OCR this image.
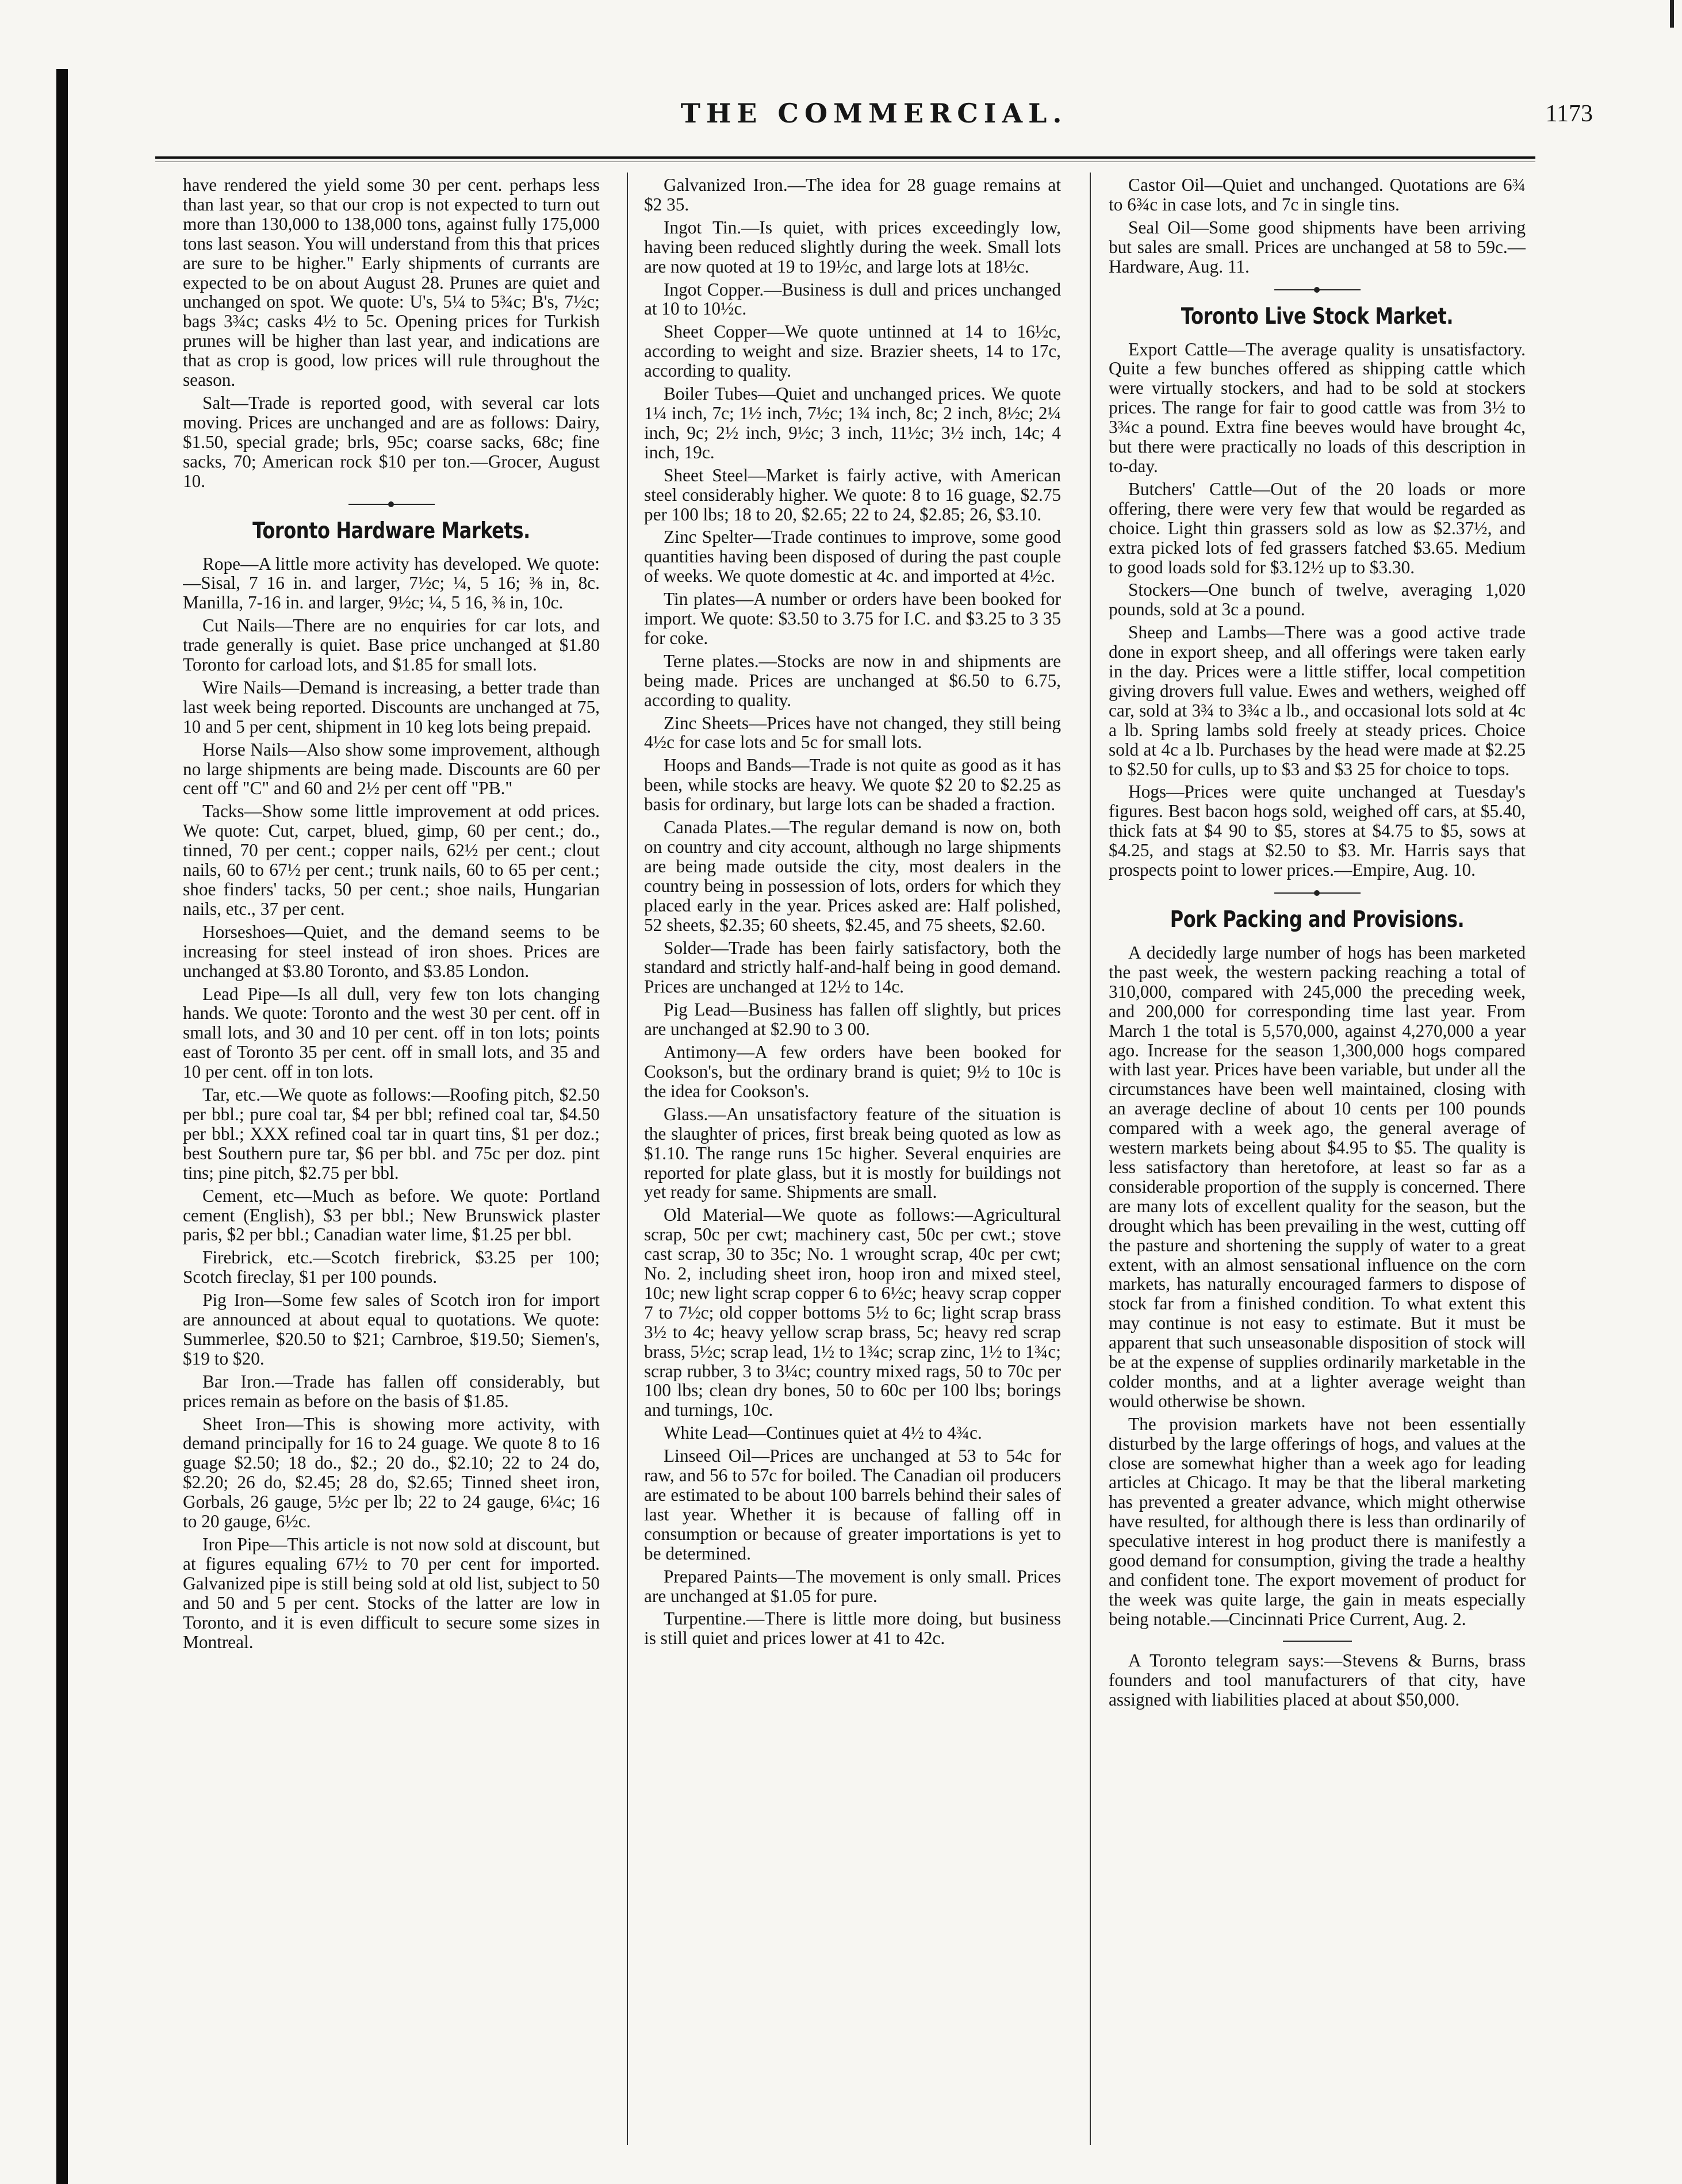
THE COMMERCIAL.	1173

have rendered the yield some 30 per cent. perhaps less than last year, so that our crop is not expected to turn out more than 130,000 to 138,000 tons, against fully 175,000 tons last season. You will understand from this that prices are sure to be higher." Early shipments of currants are expected to be on about August 28. Prunes are quiet and unchanged on spot. We quote: U's, 5¼ to 5¾c; B's, 7½c; bags 3¾c; casks 4½ to 5c. Opening prices for Turkish prunes will be higher than last year, and indications are that as crop is good, low prices will rule throughout the season.

Salt—Trade is reported good, with several car lots moving. Prices are unchanged and are as follows: Dairy, $1.50, special grade; brls, 95c; coarse sacks, 68c; fine sacks, 70; American rock $10 per ton.—Grocer, August 10.

Toronto Hardware Markets.

Rope—A little more activity has developed. We quote:—Sisal, 7 16 in. and larger, 7½c; ¼, 5 16; ⅜ in, 8c. Manilla, 7-16 in. and larger, 9½c; ¼, 5 16, ⅜ in, 10c.

Cut Nails—There are no enquiries for car lots, and trade generally is quiet. Base price unchanged at $1.80 Toronto for carload lots, and $1.85 for small lots.

Wire Nails—Demand is increasing, a better trade than last week being reported. Discounts are unchanged at 75, 10 and 5 per cent, shipment in 10 keg lots being prepaid.

Horse Nails—Also show some improvement, although no large shipments are being made. Discounts are 60 per cent off "C" and 60 and 2½ per cent off "PB."

Tacks—Show some little improvement at odd prices. We quote: Cut, carpet, blued, gimp, 60 per cent.; do., tinned, 70 per cent.; copper nails, 62½ per cent.; clout nails, 60 to 67½ per cent.; trunk nails, 60 to 65 per cent.; shoe finders' tacks, 50 per cent.; shoe nails, Hungarian nails, etc., 37 per cent.

Horseshoes—Quiet, and the demand seems to be increasing for steel instead of iron shoes. Prices are unchanged at $3.80 Toronto, and $3.85 London.

Lead Pipe—Is all dull, very few ton lots changing hands. We quote: Toronto and the west 30 per cent. off in small lots, and 30 and 10 per cent. off in ton lots; points east of Toronto 35 per cent. off in small lots, and 35 and 10 per cent. off in ton lots.

Tar, etc.—We quote as follows:—Roofing pitch, $2.50 per bbl.; pure coal tar, $4 per bbl; refined coal tar, $4.50 per bbl.; XXX refined coal tar in quart tins, $1 per doz.; best Southern pure tar, $6 per bbl. and 75c per doz. pint tins; pine pitch, $2.75 per bbl.

Cement, etc—Much as before. We quote: Portland cement (English), $3 per bbl.; New Brunswick plaster paris, $2 per bbl.; Canadian water lime, $1.25 per bbl.

Firebrick, etc.—Scotch firebrick, $3.25 per 100; Scotch fireclay, $1 per 100 pounds.

Pig Iron—Some few sales of Scotch iron for import are announced at about equal to quotations. We quote: Summerlee, $20.50 to $21; Carnbroe, $19.50; Siemen's, $19 to $20.

Bar Iron.—Trade has fallen off considerably, but prices remain as before on the basis of $1.85.

Sheet Iron—This is showing more activity, with demand principally for 16 to 24 guage. We quote 8 to 16 guage $2.50; 18 do., $2.; 20 do., $2.10; 22 to 24 do, $2.20; 26 do, $2.45; 28 do, $2.65; Tinned sheet iron, Gorbals, 26 gauge, 5½c per lb; 22 to 24 gauge, 6¼c; 16 to 20 gauge, 6½c.

Iron Pipe—This article is not now sold at discount, but at figures equaling 67½ to 70 per cent for imported. Galvanized pipe is still being sold at old list, subject to 50 and 50 and 5 per cent. Stocks of the latter are low in Toronto, and it is even difficult to secure some sizes in Montreal.

Galvanized Iron.—The idea for 28 guage remains at $2 35.

Ingot Tin.—Is quiet, with prices exceedingly low, having been reduced slightly during the week. Small lots are now quoted at 19 to 19½c, and large lots at 18½c.

Ingot Copper.—Business is dull and prices unchanged at 10 to 10½c.

Sheet Copper—We quote untinned at 14 to 16½c, according to weight and size. Brazier sheets, 14 to 17c, according to quality.

Boiler Tubes—Quiet and unchanged prices. We quote 1¼ inch, 7c; 1½ inch, 7½c; 1¾ inch, 8c; 2 inch, 8½c; 2¼ inch, 9c; 2½ inch, 9½c; 3 inch, 11½c; 3½ inch, 14c; 4 inch, 19c.

Sheet Steel—Market is fairly active, with American steel considerably higher. We quote: 8 to 16 guage, $2.75 per 100 lbs; 18 to 20, $2.65; 22 to 24, $2.85; 26, $3.10.

Zinc Spelter—Trade continues to improve, some good quantities having been disposed of during the past couple of weeks. We quote domestic at 4c. and imported at 4½c.

Tin plates—A number or orders have been booked for import. We quote: $3.50 to 3.75 for I.C. and $3.25 to 3 35 for coke.

Terne plates.—Stocks are now in and shipments are being made. Prices are unchanged at $6.50 to 6.75, according to quality.

Zinc Sheets—Prices have not changed, they still being 4½c for case lots and 5c for small lots.

Hoops and Bands—Trade is not quite as good as it has been, while stocks are heavy. We quote $2 20 to $2.25 as basis for ordinary, but large lots can be shaded a fraction.

Canada Plates.—The regular demand is now on, both on country and city account, although no large shipments are being made outside the city, most dealers in the country being in possession of lots, orders for which they placed early in the year. Prices asked are: Half polished, 52 sheets, $2.35; 60 sheets, $2.45, and 75 sheets, $2.60.

Solder—Trade has been fairly satisfactory, both the standard and strictly half-and-half being in good demand. Prices are unchanged at 12½ to 14c.

Pig Lead—Business has fallen off slightly, but prices are unchanged at $2.90 to 3 00.

Antimony—A few orders have been booked for Cookson's, but the ordinary brand is quiet; 9½ to 10c is the idea for Cookson's.

Glass.—An unsatisfactory feature of the situation is the slaughter of prices, first break being quoted as low as $1.10. The range runs 15c higher. Several enquiries are reported for plate glass, but it is mostly for buildings not yet ready for same. Shipments are small.

Old Material—We quote as follows:—Agricultural scrap, 50c per cwt; machinery cast, 50c per cwt.; stove cast scrap, 30 to 35c; No. 1 wrought scrap, 40c per cwt; No. 2, including sheet iron, hoop iron and mixed steel, 10c; new light scrap copper 6 to 6½c; heavy scrap copper 7 to 7½c; old copper bottoms 5½ to 6c; light scrap brass 3½ to 4c; heavy yellow scrap brass, 5c; heavy red scrap brass, 5½c; scrap lead, 1½ to 1¾c; scrap zinc, 1½ to 1¾c; scrap rubber, 3 to 3¼c; country mixed rags, 50 to 70c per 100 lbs; clean dry bones, 50 to 60c per 100 lbs; borings and turnings, 10c.

White Lead—Continues quiet at 4½ to 4¾c.

Linseed Oil—Prices are unchanged at 53 to 54c for raw, and 56 to 57c for boiled. The Canadian oil producers are estimated to be about 100 barrels behind their sales of last year. Whether it is because of falling off in consumption or because of greater importations is yet to be determined.

Prepared Paints—The movement is only small. Prices are unchanged at $1.05 for pure.

Turpentine.—There is little more doing, but business is still quiet and prices lower at 41 to 42c.

Castor Oil—Quiet and unchanged. Quotations are 6¾ to 6¾c in case lots, and 7c in single tins.

Seal Oil—Some good shipments have been arriving but sales are small. Prices are unchanged at 58 to 59c.—Hardware, Aug. 11.

Toronto Live Stock Market.

Export Cattle—The average quality is unsatisfactory. Quite a few bunches offered as shipping cattle which were virtually stockers, and had to be sold at stockers prices. The range for fair to good cattle was from 3½ to 3¾c a pound. Extra fine beeves would have brought 4c, but there were practically no loads of this description in to-day.

Butchers' Cattle—Out of the 20 loads or more offering, there were very few that would be regarded as choice. Light thin grassers sold as low as $2.37½, and extra picked lots of fed grassers fatched $3.65. Medium to good loads sold for $3.12½ up to $3.30.

Stockers—One bunch of twelve, averaging 1,020 pounds, sold at 3c a pound.

Sheep and Lambs—There was a good active trade done in export sheep, and all offerings were taken early in the day. Prices were a little stiffer, local competition giving drovers full value. Ewes and wethers, weighed off car, sold at 3¾ to 3¾c a lb., and occasional lots sold at 4c a lb. Spring lambs sold freely at steady prices. Choice sold at 4c a lb. Purchases by the head were made at $2.25 to $2.50 for culls, up to $3 and $3 25 for choice to tops.

Hogs—Prices were quite unchanged at Tuesday's figures. Best bacon hogs sold, weighed off cars, at $5.40, thick fats at $4 90 to $5, stores at $4.75 to $5, sows at $4.25, and stags at $2.50 to $3. Mr. Harris says that prospects point to lower prices.—Empire, Aug. 10.

Pork Packing and Provisions.

A decidedly large number of hogs has been marketed the past week, the western packing reaching a total of 310,000, compared with 245,000 the preceding week, and 200,000 for corresponding time last year. From March 1 the total is 5,570,000, against 4,270,000 a year ago. Increase for the season 1,300,000 hogs compared with last year. Prices have been variable, but under all the circumstances have been well maintained, closing with an average decline of about 10 cents per 100 pounds compared with a week ago, the general average of western markets being about $4.95 to $5. The quality is less satisfactory than heretofore, at least so far as a considerable proportion of the supply is concerned. There are many lots of excellent quality for the season, but the drought which has been prevailing in the west, cutting off the pasture and shortening the supply of water to a great extent, with an almost sensational influence on the corn markets, has naturally encouraged farmers to dispose of stock far from a finished condition. To what extent this may continue is not easy to estimate. But it must be apparent that such unseasonable disposition of stock will be at the expense of supplies ordinarily marketable in the colder months, and at a lighter average weight than would otherwise be shown.

The provision markets have not been essentially disturbed by the large offerings of hogs, and values at the close are somewhat higher than a week ago for leading articles at Chicago. It may be that the liberal marketing has prevented a greater advance, which might otherwise have resulted, for although there is less than ordinarily of speculative interest in hog product there is manifestly a good demand for consumption, giving the trade a healthy and confident tone. The export movement of product for the week was quite large, the gain in meats especially being notable.—Cincinnati Price Current, Aug. 2.

A Toronto telegram says:—Stevens & Burns, brass founders and tool manufacturers of that city, have assigned with liabilities placed at about $50,000.
